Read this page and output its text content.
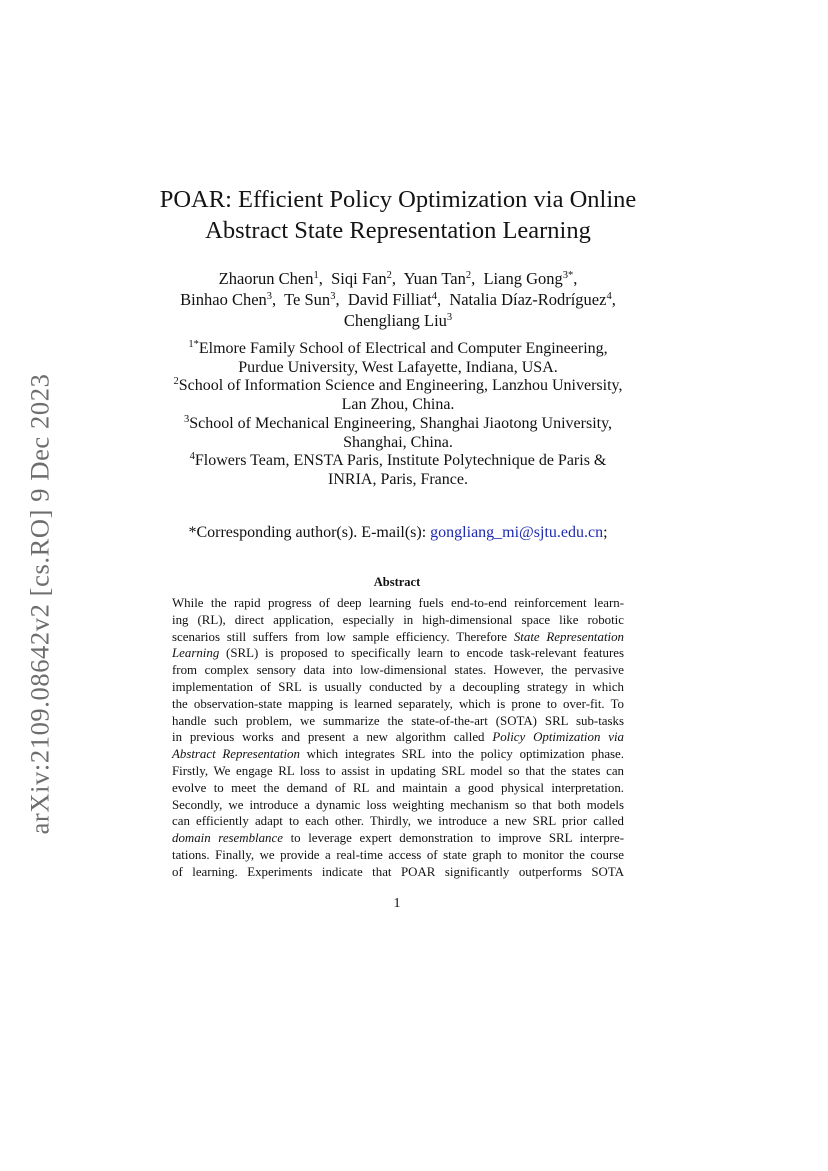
arXiv:2109.08642v2 [cs.RO] 9 Dec 2023
POAR: Efficient Policy Optimization via Online
Abstract State Representation Learning
Zhaorun Chen$^1$,  Siqi Fan$^2$,  Yuan Tan$^2$,  Liang Gong$^{3*}$,
Binhao Chen$^3$,  Te Sun$^3$,  David Filliat$^4$,  Natalia Díaz-Rodríguez$^4$,
Chengliang Liu$^3$
$^{1*}$Elmore Family School of Electrical and Computer Engineering,
Purdue University, West Lafayette, Indiana, USA.
$^2$School of Information Science and Engineering, Lanzhou University,
Lan Zhou, China.
$^3$School of Mechanical Engineering, Shanghai Jiaotong University,
Shanghai, China.
$^4$Flowers Team, ENSTA Paris, Institute Polytechnique de Paris &
INRIA, Paris, France.
*Corresponding author(s). E-mail(s): gongliang_mi@sjtu.edu.cn;
Abstract
While the rapid progress of deep learning fuels end-to-end reinforcement learn-
ing (RL), direct application, especially in high-dimensional space like robotic
scenarios still suffers from low sample efficiency. Therefore State Representation
Learning (SRL) is proposed to specifically learn to encode task-relevant features
from complex sensory data into low-dimensional states. However, the pervasive
implementation of SRL is usually conducted by a decoupling strategy in which
the observation-state mapping is learned separately, which is prone to over-fit. To
handle such problem, we summarize the state-of-the-art (SOTA) SRL sub-tasks
in previous works and present a new algorithm called Policy Optimization via
Abstract Representation which integrates SRL into the policy optimization phase.
Firstly, We engage RL loss to assist in updating SRL model so that the states can
evolve to meet the demand of RL and maintain a good physical interpretation.
Secondly, we introduce a dynamic loss weighting mechanism so that both models
can efficiently adapt to each other. Thirdly, we introduce a new SRL prior called
domain resemblance to leverage expert demonstration to improve SRL interpre-
tations. Finally, we provide a real-time access of state graph to monitor the course
of learning. Experiments indicate that POAR significantly outperforms SOTA
1
